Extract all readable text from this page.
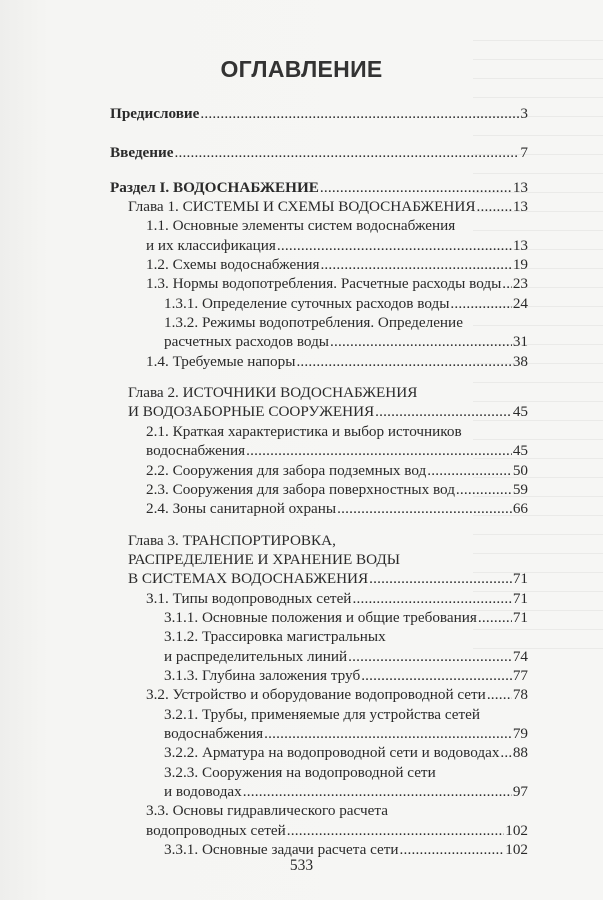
ОГЛАВЛЕНИЕ
Предисловие .....	3
Введение .....	7
Раздел I. ВОДОСНАБЖЕНИЕ .....	13
Глава 1. СИСТЕМЫ И СХЕМЫ ВОДОСНАБЖЕНИЯ ..... 13
1.1. Основные элементы систем водоснабжения
и их классификация .....	13
1.2. Схемы водоснабжения .....	19
1.3. Нормы водопотребления. Расчетные расходы воды ..... 23
1.3.1. Определение суточных расходов воды .....	24
1.3.2. Режимы водопотребления. Определение
расчетных расходов воды .....	31
1.4. Требуемые напоры .....	38
Глава 2. ИСТОЧНИКИ ВОДОСНАБЖЕНИЯ
И ВОДОЗАБОРНЫЕ СООРУЖЕНИЯ .....	45
2.1. Краткая характеристика и выбор источников
водоснабжения .....	45
2.2. Сооружения для забора подземных вод .....	50
2.3. Сооружения для забора поверхностных вод .....	59
2.4. Зоны санитарной охраны .....	66
Глава 3. ТРАНСПОРТИРОВКА,
РАСПРЕДЕЛЕНИЕ И ХРАНЕНИЕ ВОДЫ
В СИСТЕМАХ ВОДОСНАБЖЕНИЯ .....	71
3.1. Типы водопроводных сетей .....	71
3.1.1. Основные положения и общие требования ..... 71
3.1.2. Трассировка магистральных
и распределительных линий .....	74
3.1.3. Глубина заложения труб .....	77
3.2. Устройство и оборудование водопроводной сети ..... 78
3.2.1. Трубы, применяемые для устройства сетей
водоснабжения .....	79
3.2.2. Арматура на водопроводной сети и водоводах ..... 88
3.2.3. Сооружения на водопроводной сети
и водоводах .....	97
3.3. Основы гидравлического расчета
водопроводных сетей .....	102
3.3.1. Основные задачи расчета сети .....	102
533
